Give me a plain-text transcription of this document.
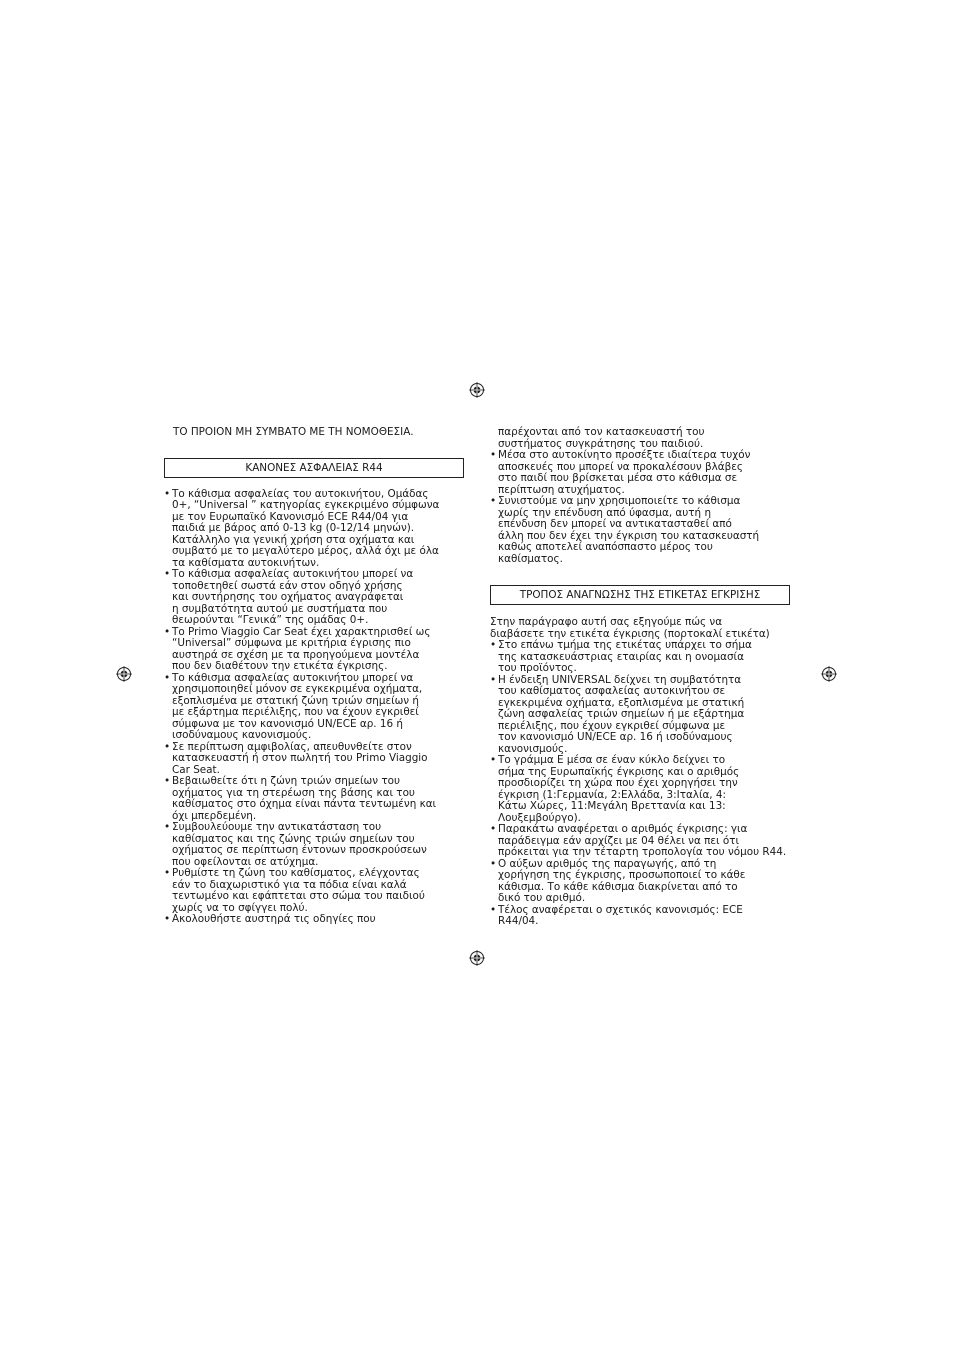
ΤΟ ΠΡΟΙΟΝ ΜΗ ΣΥΜΒΑΤΟ ΜΕ ΤΗ ΝΟΜΟΘΕΣΙΑ.
ΚΑΝΟΝΕΣ ΑΣΦΑΛΕΙΑΣ R44
• Το κάθισμα ασφαλείας του αυτοκινήτου, Ομάδας
0+, “Universal ” κατηγορίας εγκεκριμένο σύμφωνα
με τον Ευρωπαϊκό Κανονισμό ECE R44/04 για
παιδιά με βάρος από 0-13 kg (0-12/14 μηνών).
Κατάλληλο για γενική χρήση στα οχήματα και
συμβατό με το μεγαλύτερο μέρος, αλλά όχι με όλα
τα καθίσματα αυτοκινήτων.
• Το κάθισμα ασφαλείας αυτοκινήτου μπορεί να
τοποθετηθεί σωστά εάν στον οδηγό χρήσης
και συντήρησης του οχήματος αναγράφεται
η συμβατότητα αυτού με συστήματα που
θεωρούνται “Γενικά” της ομάδας 0+.
• Το Primo Viaggio Car Seat έχει χαρακτηρισθεί ως
“Universal” σύμφωνα με κριτήρια έγρισης πιο
αυστηρά σε σχέση με τα προηγούμενα μοντέλα
που δεν διαθέτουν την ετικέτα έγκρισης.
• Το κάθισμα ασφαλείας αυτοκινήτου μπορεί να
χρησιμοποιηθεί μόνον σε εγκεκριμένα οχήματα,
εξοπλισμένα με στατική ζώνη τριών σημείων ή
με εξάρτημα περιέλιξης, που να έχουν εγκριθεί
σύμφωνα με τον κανονισμό UN/ECE αρ. 16 ή
ισοδύναμους κανονισμούς.
• Σε περίπτωση αμφιβολίας, απευθυνθείτε στον
κατασκευαστή ή στον πωλητή του Primo Viaggio
Car Seat.
• Βεβαιωθείτε ότι η ζώνη τριών σημείων του
οχήματος για τη στερέωση της βάσης και του
καθίσματος στο όχημα είναι πάντα τεντωμένη και
όχι μπερδεμένη.
• Συμβουλεύουμε την αντικατάσταση του
καθίσματος και της ζώνης τριών σημείων του
οχήματος σε περίπτωση έντονων προσκρούσεων
που οφείλονται σε ατύχημα.
• Ρυθμίστε τη ζώνη του καθίσματος, ελέγχοντας
εάν το διαχωριστικό για τα πόδια είναι καλά
τεντωμένο και εφάπτεται στο σώμα του παιδιού
χωρίς να το σφίγγει πολύ.
• Ακολουθήστε αυστηρά τις οδηγίες που
παρέχονται από τον κατασκευαστή του
συστήματος συγκράτησης του παιδιού.
• Μέσα στο αυτοκίνητο προσέξτε ιδιαίτερα τυχόν
αποσκευές που μπορεί να προκαλέσουν βλάβες
στο παιδί που βρίσκεται μέσα στο κάθισμα σε
περίπτωση ατυχήματος.
• Συνιστούμε να μην χρησιμοποιείτε το κάθισμα
χωρίς την επένδυση από ύφασμα, αυτή η
επένδυση δεν μπορεί να αντικατασταθεί από
άλλη που δεν έχει την έγκριση του κατασκευαστή
καθώς αποτελεί αναπόσπαστο μέρος του
καθίσματος.
ΤΡΟΠΟΣ ΑΝΑΓΝΩΣΗΣ ΤΗΣ ΕΤΙΚΕΤΑΣ ΕΓΚΡΙΣΗΣ
Στην παράγραφο αυτή σας εξηγούμε πώς να
διαβάσετε την ετικέτα έγκρισης (πορτοκαλί ετικέτα)
• Στο επάνω τμήμα της ετικέτας υπάρχει το σήμα
της κατασκευάστριας εταιρίας και η ονομασία
του προϊόντος.
• Η ένδειξη UNIVERSAL δείχνει τη συμβατότητα
του καθίσματος ασφαλείας αυτοκινήτου σε
εγκεκριμένα οχήματα, εξοπλισμένα με στατική
ζώνη ασφαλείας τριών σημείων ή με εξάρτημα
περιέλιξης, που έχουν εγκριθεί σύμφωνα με
τον κανονισμό UN/ECE αρ. 16 ή ισοδύναμους
κανονισμούς.
• Το γράμμα Ε μέσα σε έναν κύκλο δείχνει το
σήμα της Ευρωπαϊκής έγκρισης και ο αριθμός
προσδιορίζει τη χώρα που έχει χορηγήσει την
έγκριση (1:Γερμανία, 2:Ελλάδα, 3:Ιταλία, 4:
Κάτω Χώρες, 11:Μεγάλη Βρεττανία και 13:
Λουξεμβούργο).
• Παρακάτω αναφέρεται ο αριθμός έγκρισης: για
παράδειγμα εάν αρχίζει με 04 θέλει να πει ότι
πρόκειται για την τέταρτη τροπολογία του νόμου R44.
• Ο αύξων αριθμός της παραγωγής, από τη
χορήγηση της έγκρισης, προσωποποιεί το κάθε
κάθισμα. Το κάθε κάθισμα διακρίνεται από το
δικό του αριθμό.
• Τέλος αναφέρεται ο σχετικός κανονισμός: ECE
R44/04.
